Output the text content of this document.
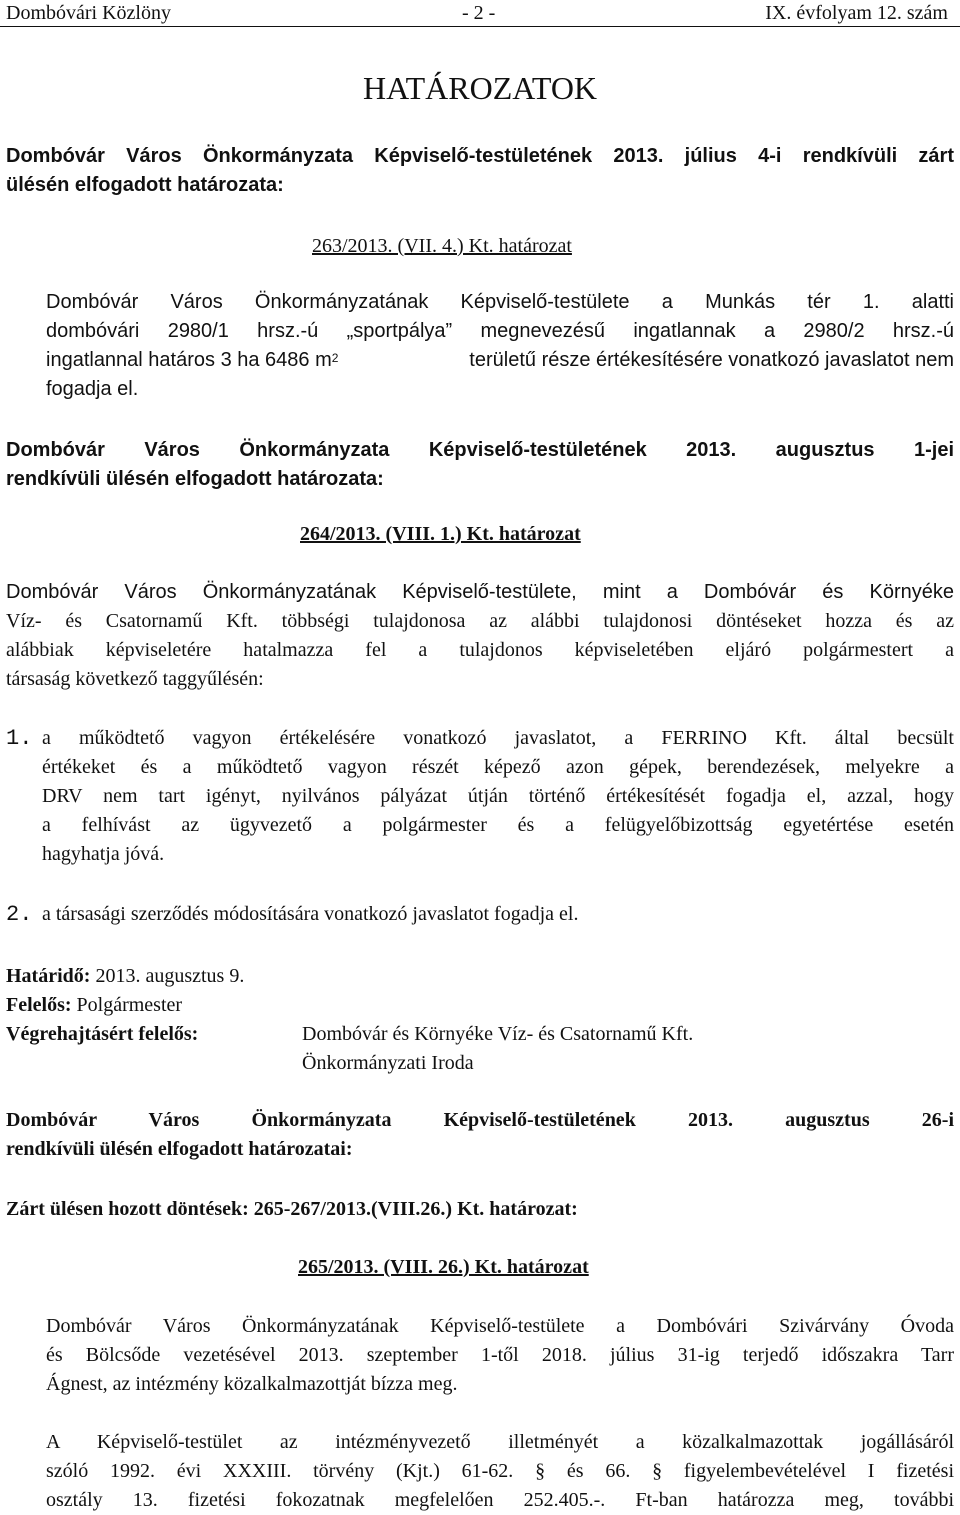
Dombóvári Közlöny	- 2 -	IX. évfolyam 12. szám
HATÁROZATOK
Dombóvár Város Önkormányzata Képviselő-testületének 2013. július 4-i rendkívüli zárt
ülésén elfogadott határozata:
263/2013. (VII. 4.) Kt. határozat
Dombóvár Város Önkormányzatának Képviselő-testülete a Munkás tér 1. alatti
dombóvári 2980/1 hrsz.-ú „sportpálya” megnevezésű ingatlannak a 2980/2 hrsz.-ú
ingatlannal határos 3 ha 6486 $m^2$	területű része értékesítésére vonatkozó javaslatot nem
fogadja el.
Dombóvár Város Önkormányzata Képviselő-testületének 2013. augusztus 1-jei
rendkívüli ülésén elfogadott határozata:
264/2013. (VIII. 1.) Kt. határozat
Dombóvár Város Önkormányzatának Képviselő-testülete, mint a Dombóvár és Környéke
Víz- és Csatornamű Kft. többségi tulajdonosa az alábbi tulajdonosi döntéseket hozza és az
alábbiak képviseletére hatalmazza fel a tulajdonos képviseletében eljáró polgármestert a
társaság következő taggyűlésén:
1. a működtető vagyon értékelésére vonatkozó javaslatot, a FERRINO Kft. által becsült
értékeket és a működtető vagyon részét képező azon gépek, berendezések, melyekre a
DRV nem tart igényt, nyilvános pályázat útján történő értékesítését fogadja el, azzal, hogy
a felhívást az ügyvezető a polgármester és a felügyelőbizottság egyetértése esetén
hagyhatja jóvá.
2. a társasági szerződés módosítására vonatkozó javaslatot fogadja el.
Határidő: 2013. augusztus 9.
Felelős: Polgármester
Végrehajtásért felelős:	Dombóvár és Környéke Víz- és Csatornamű Kft.
Önkormányzati Iroda
Dombóvár Város Önkormányzata Képviselő-testületének 2013. augusztus 26-i
rendkívüli ülésén elfogadott határozatai:
Zárt ülésen hozott döntések: 265-267/2013.(VIII.26.) Kt. határozat:
265/2013. (VIII. 26.) Kt. határozat
Dombóvár Város Önkormányzatának Képviselő-testülete a Dombóvári Szivárvány Óvoda
és Bölcsőde vezetésével 2013. szeptember 1-től 2018. július 31-ig terjedő időszakra Tarr
Ágnest, az intézmény közalkalmazottját bízza meg.
A Képviselő-testület az intézményvezető illetményét a közalkalmazottak jogállásáról
szóló 1992. évi XXXIII. törvény (Kjt.) 61-62. § és 66. § figyelembevételével I fizetési
osztály 13. fizetési fokozatnak megfelelően 252.405.-. Ft-ban határozza meg, további
